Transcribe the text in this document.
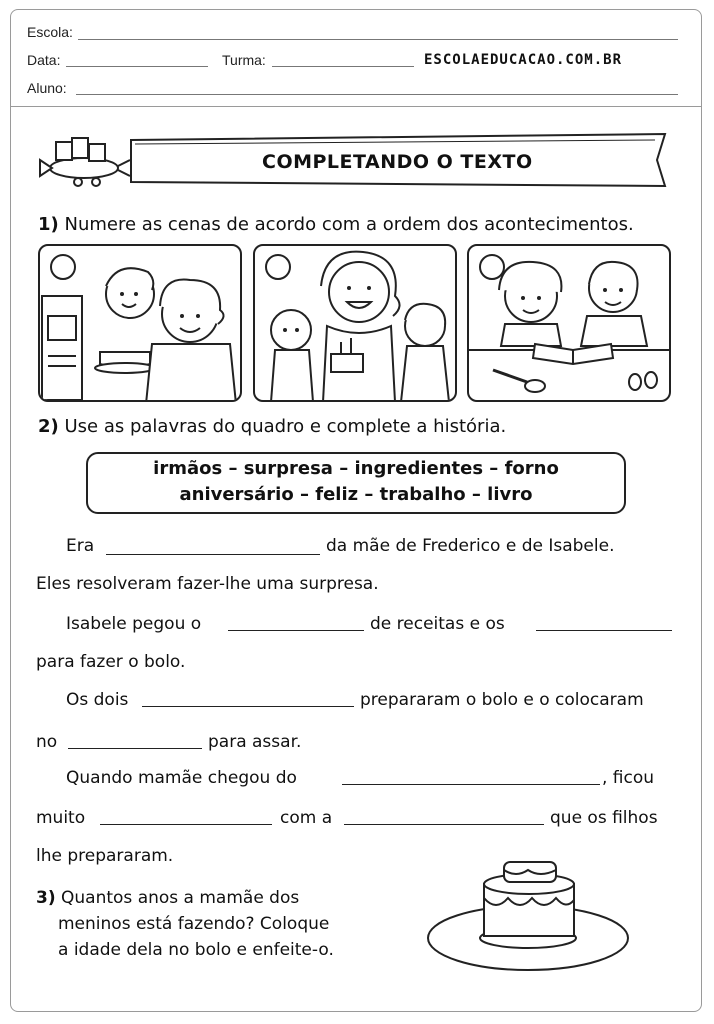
Escola:
Data:	Turma:	ESCOLAEDUCACAO.COM.BR
Aluno:
COMPLETANDO O TEXTO
1) Numere as cenas de acordo com a ordem dos acontecimentos.
2) Use as palavras do quadro e complete a história.
irmãos – surpresa – ingredientes – forno
aniversário – feliz – trabalho – livro
Era	da mãe de Frederico e de Isabele.
Eles resolveram fazer-lhe uma surpresa.
Isabele pegou o	de receitas e os
para fazer o bolo.
Os dois	prepararam o bolo e o colocaram
no	para assar.
Quando mamãe chegou do	, ficou
muito	com a	que os filhos
lhe prepararam.
3) Quantos anos a mamãe dos
meninos está fazendo? Coloque
a idade dela no bolo e enfeite-o.
